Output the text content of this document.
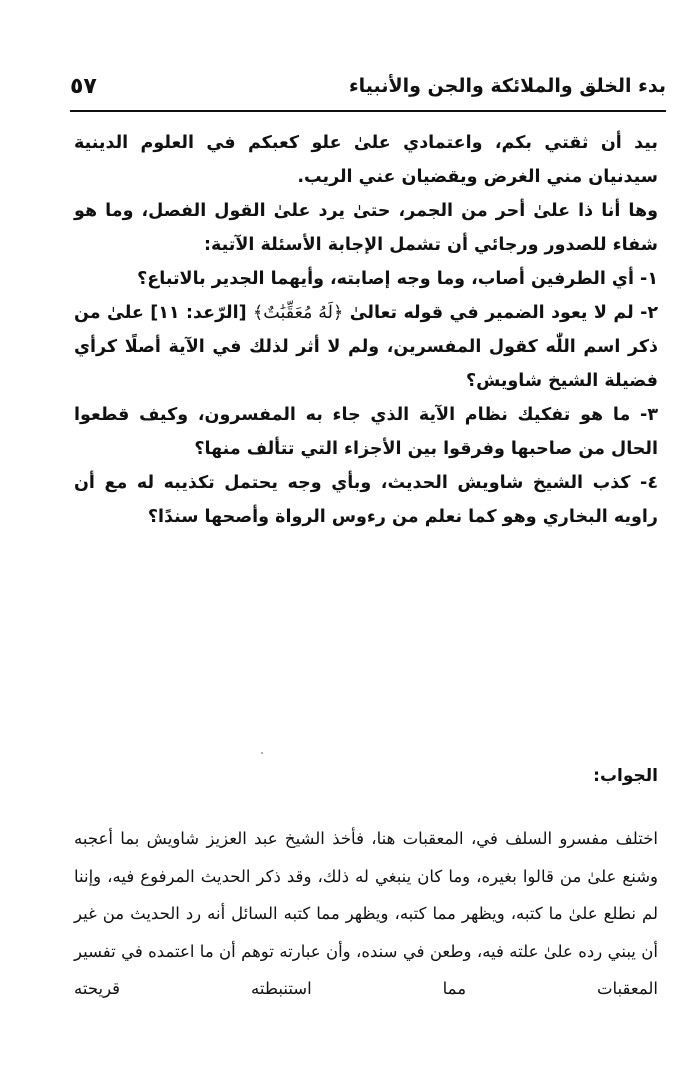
٥٧	بدء الخلق والملائكة والجن والأنبياء

بيد أن ثقتي بكم، واعتمادي علىٰ علو كعبكم في العلوم الدينية سيدنيان مني الغرض ويقضيان عني الريب.

وها أنا ذا علىٰ أحر من الجمر، حتىٰ يرد علىٰ القول الفصل، وما هو شفاء للصدور ورجائي أن تشمل الإجابة الأسئلة الآتية:

١- أي الطرفين أصاب، وما وجه إصابته، وأيهما الجدير بالاتباع؟

٢- لم لا يعود الضمير في قوله تعالىٰ ﴿لَهُ مُعَقِّبَٰتٌ﴾ [الرّعد: ١١] علىٰ من ذكر اسم اللّٰه كقول المفسرين، ولم لا أثر لذلك في الآية أصلًا كرأي فضيلة الشيخ شاويش؟

٣- ما هو تفكيك نظام الآية الذي جاء به المفسرون، وكيف قطعوا الحال من صاحبها وفرقوا بين الأجزاء التي تتألف منها؟

٤- كذب الشيخ شاويش الحديث، وبأي وجه يحتمل تكذيبه له مع أن راويه البخاري وهو كما نعلم من رءوس الرواة وأصحها سندًا؟

الجواب:

اختلف مفسرو السلف في، المعقبات هنا، فأخذ الشيخ عبد العزيز شاويش بما أعجبه وشنع علىٰ من قالوا بغيره، وما كان ينبغي له ذلك، وقد ذكر الحديث المرفوع فيه، وإننا لم نطلع علىٰ ما كتبه، ويظهر مما كتبه، ويظهر مما كتبه السائل أنه رد الحديث من غير أن يبني رده علىٰ علته فيه، وطعن في سنده، وأن عبارته توهم أن ما اعتمده في تفسير المعقبات مما استنبطته قريحته
